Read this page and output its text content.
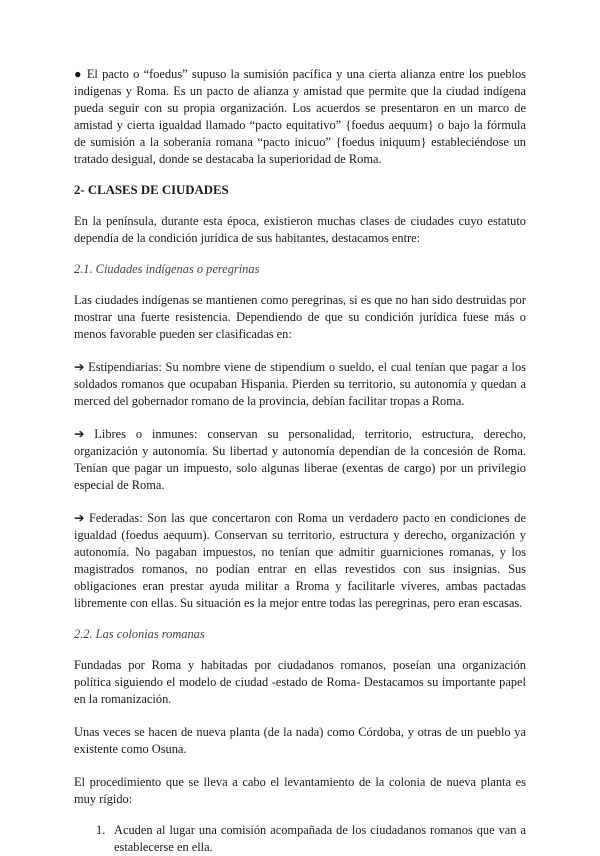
● El pacto o “foedus” supuso la sumisión pacífica y una cierta alianza entre los pueblos indígenas y Roma. Es un pacto de alianza y amistad que permite que la ciudad indígena pueda seguir con su propia organización. Los acuerdos se presentaron en un marco de amistad y cierta igualdad llamado “pacto equitativo” {foedus aequum} o bajo la fórmula de sumisión a la soberanía romana “pacto inicuo” {foedus iniquum} estableciéndose un tratado desigual, donde se destacaba la superioridad de Roma.

2- CLASES DE CIUDADES

En la península, durante esta época, existieron muchas clases de ciudades cuyo estatuto dependía de la condición jurídica de sus habitantes, destacamos entre:

2.1. Ciudades indígenas o peregrinas

Las ciudades indígenas se mantienen como peregrinas, si es que no han sido destruidas por mostrar una fuerte resistencia. Dependiendo de que su condición jurídica fuese más o menos favorable pueden ser clasificadas en:

➔ Estipendiarias: Su nombre viene de stipendium o sueldo, el cual tenían que pagar a los soldados romanos que ocupaban Hispania. Pierden su territorio, su autonomía y quedan a merced del gobernador romano de la provincia, debían facilitar tropas a Roma.

➔ Libres o inmunes: conservan su personalidad, territorio, estructura, derecho, organización y autonomía. Su libertad y autonomía dependían de la concesión de Roma. Tenían que pagar un impuesto, solo algunas liberae (exentas de cargo) por un privilegio especial de Roma.

➔ Federadas: Son las que concertaron con Roma un verdadero pacto en condiciones de igualdad (foedus aequum). Conservan su territorio, estructura y derecho, organización y autonomía. No pagaban impuestos, no tenían que admitir guarniciones romanas, y los magistrados romanos, no podían entrar en ellas revestidos con sus insignias. Sus obligaciones eran prestar ayuda militar a Rroma y facilitarle víveres, ambas pactadas libremente con ellas. Su situación es la mejor entre todas las peregrinas, pero eran escasas.

2.2. Las colonias romanas

Fundadas por Roma y habitadas por ciudadanos romanos, poseían una organización política siguiendo el modelo de ciudad -estado de Roma- Destacamos su importante papel en la romanización.

Unas veces se hacen de nueva planta (de la nada) como Córdoba, y otras de un pueblo ya existente como Osuna.

El procedimiento que se lleva a cabo el levantamiento de la colonia de nueva planta es muy rígido:

1. Acuden al lugar una comisión acompañada de los ciudadanos romanos que van a establecerse en ella.
